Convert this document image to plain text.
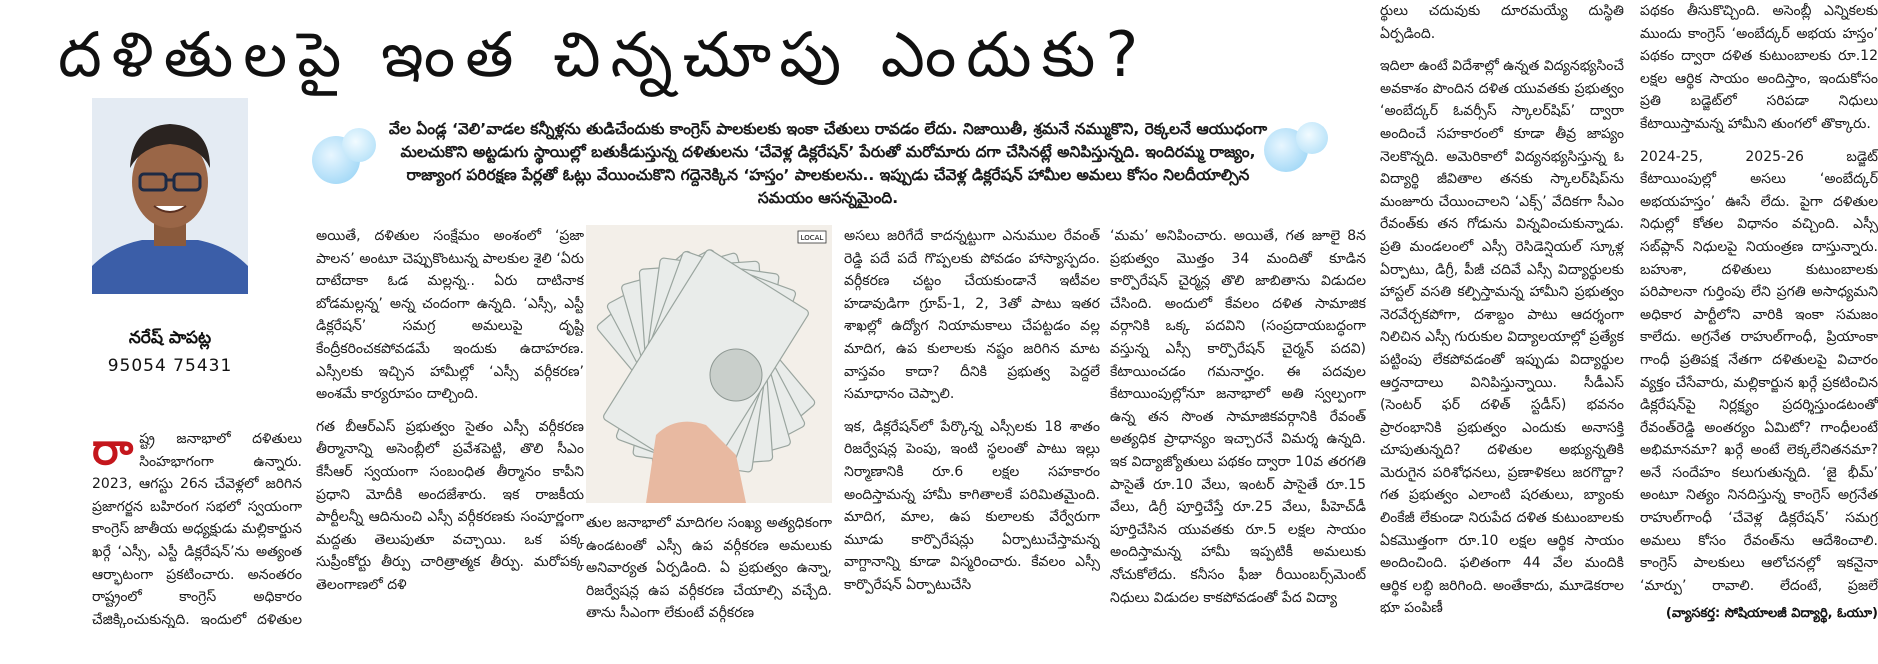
దళితులపై ఇంత చిన్నచూపు ఎందుకు?
నరేష్ పాపట్ల
95054 75431
వేల ఏండ్ల ‘వెలి’వాడల కన్నీళ్లను తుడిచేందుకు కాంగ్రెస్ పాలకులకు ఇంకా చేతులు రావడం లేదు. నిజాయితీ, శ్రమనే నమ్ముకొని, రెక్కలనే ఆయుధంగా మలచుకొని అట్టడుగు స్థాయిల్లో బతుకీడుస్తున్న దళితులను ‘చేవెళ్ల డిక్లరేషన్’ పేరుతో మరోమారు దగా చేసినట్లే అనిపిస్తున్నది. ఇందిరమ్మ రాజ్యం, రాజ్యాంగ పరిరక్షణ పేర్లతో ఓట్లు వేయించుకొని గద్దెనెక్కిన ‘హస్తం’ పాలకులను.. ఇప్పుడు చేవెళ్ల డిక్లరేషన్ హామీల అమలు కోసం నిలదీయాల్సిన సమయం ఆసన్నమైంది.

రాష్ట్ర జనాభాలో దళితులు సింహభాగంగా ఉన్నారు. 2023, ఆగస్టు 26న చేవెళ్లలో జరిగిన ప్రజాగర్జన బహిరంగ సభలో స్వయంగా కాంగ్రెస్ జాతీయ అధ్యక్షుడు మల్లికార్జున ఖర్గే ‘ఎస్సీ, ఎస్టీ డిక్లరేషన్’ను అత్యంత ఆర్భాటంగా ప్రకటించారు. అనంతరం రాష్ట్రంలో కాంగ్రెస్ అధికారం చేజిక్కించుకున్నది. ఇందులో దళితుల

అయితే, దళితుల సంక్షేమం అంశంలో ‘ప్రజా పాలన’ అంటూ చెప్పుకొంటున్న పాలకుల శైలి ‘ఏరు దాటేదాకా ఓడ మల్లన్న.. ఏరు దాటినాక బోడమల్లన్న’ అన్న చందంగా ఉన్నది. ‘ఎస్సీ, ఎస్టీ డిక్లరేషన్’ సమగ్ర అమలుపై దృష్టి కేంద్రీకరించకపోవడమే ఇందుకు ఉదాహరణ. ఎస్సీలకు ఇచ్చిన హామీల్లో ‘ఎస్సీ వర్గీకరణ’ అంశమే కార్యరూపం దాల్చింది.

గత బీఆర్ఎస్ ప్రభుత్వం సైతం ఎస్సీ వర్గీకరణ తీర్మానాన్ని అసెంబ్లీలో ప్రవేశపెట్టి, తొలి సీఎం కేసీఆర్ స్వయంగా సంబంధిత తీర్మానం కాపీని ప్రధాని మోదీకి అందజేశారు. ఇక రాజకీయ పార్టీలన్నీ ఆదినుంచి ఎస్సీ వర్గీకరణకు సంపూర్ణంగా మద్దతు తెలుపుతూ వచ్చాయి. ఒక పక్క సుప్రీంకోర్టు తీర్పు చారిత్రాత్మక తీర్పు. మరోపక్క తెలంగాణలో దళి

LOCAL

తుల జనాభాలో మాదిగల సంఖ్య అత్యధికంగా ఉండటంతో ఎస్సీ ఉప వర్గీకరణ అమలుకు అనివార్యత ఏర్పడింది. ఏ ప్రభుత్వం ఉన్నా, రిజర్వేషన్ల ఉప వర్గీకరణ చేయాల్సి వచ్చేది. తాను సీఎంగా లేకుంటే వర్గీకరణ

అసలు జరిగేదే కాదన్నట్టుగా ఎనుముల రేవంత్ రెడ్డి పదే పదే గొప్పలకు పోవడం హాస్యాస్పదం. వర్గీకరణ చట్టం చేయకుండానే ఇటీవల హడావుడిగా గ్రూప్-1, 2, 3తో పాటు ఇతర శాఖల్లో ఉద్యోగ నియామకాలు చేపట్టడం వల్ల మాదిగ, ఉప కులాలకు నష్టం జరిగిన మాట వాస్తవం కాదా? దీనికి ప్రభుత్వ పెద్దలే సమాధానం చెప్పాలి.

ఇక, డిక్లరేషన్‌లో పేర్కొన్న ఎస్సీలకు 18 శాతం రిజర్వేషన్ల పెంపు, ఇంటి స్థలంతో పాటు ఇల్లు నిర్మాణానికి రూ.6 లక్షల సహకారం అందిస్తామన్న హామీ కాగితాలకే పరిమితమైంది. మాదిగ, మాల, ఉప కులాలకు వేర్వేరుగా మూడు కార్పొరేషన్లు ఏర్పాటుచేస్తామన్న వాగ్దానాన్ని కూడా విస్మరించారు. కేవలం ఎస్సీ కార్పొరేషన్ ఏర్పాటుచేసి

‘మమ’ అనిపించారు. అయితే, గత జూలై 8న ప్రభుత్వం మొత్తం 34 మందితో కూడిన కార్పొరేషన్ చైర్మన్ల తొలి జాబితాను విడుదల చేసింది. అందులో కేవలం దళిత సామాజిక వర్గానికి ఒక్క పదవిని (సంప్రదాయబద్ధంగా వస్తున్న ఎస్సీ కార్పొరేషన్ చైర్మన్ పదవి) కేటాయించడం గమనార్హం. ఈ పదవుల కేటాయింపుల్లోనూ జనాభాలో అతి స్వల్పంగా ఉన్న తన సొంత సామాజికవర్గానికి రేవంత్ అత్యధిక ప్రాధాన్యం ఇచ్చారనే విమర్శ ఉన్నది. ఇక విద్యాజ్యోతులు పథకం ద్వారా 10వ తరగతి పాసైతే రూ.10 వేలు, ఇంటర్ పాసైతే రూ.15 వేలు, డిగ్రీ పూర్తిచేస్తే రూ.25 వేలు, పీహెచ్‌డీ పూర్తిచేసిన యువతకు రూ.5 లక్షల సాయం అందిస్తామన్న హామీ ఇప్పటికీ అమలుకు నోచుకోలేదు. కనీసం ఫీజు రీయింబర్స్‌మెంట్ నిధులు విడుదల కాకపోవడంతో పేద విద్యా

ర్థులు చదువుకు దూరమయ్యే దుస్థితి ఏర్పడింది.

ఇదిలా ఉంటే విదేశాల్లో ఉన్నత విద్యనభ్యసించే అవకాశం పొందిన దళిత యువతకు ప్రభుత్వం ‘అంబేద్కర్ ఓవర్సీస్ స్కాలర్‌షిప్’ ద్వారా అందించే సహకారంలో కూడా తీవ్ర జాప్యం నెలకొన్నది. అమెరికాలో విద్యనభ్యసిస్తున్న ఓ విద్యార్థి జీవితాల తనకు స్కాలర్‌షిప్‌ను మంజూరు చేయించాలని ‘ఎక్స్’ వేదికగా సీఎం రేవంత్‌కు తన గోడును విన్నవించుకున్నాడు. ప్రతి మండలంలో ఎస్సీ రెసిడెన్షియల్ స్కూళ్ల ఏర్పాటు, డిగ్రీ, పీజీ చదివే ఎస్సీ విద్యార్థులకు హాస్టల్ వసతి కల్పిస్తామన్న హామీని ప్రభుత్వం నెరవేర్చకపోగా, దశాబ్దం పాటు ఆదర్శంగా నిలిచిన ఎస్సీ గురుకుల విద్యాలయాల్లో ప్రత్యేక పట్టింపు లేకపోవడంతో ఇప్పుడు విద్యార్థుల ఆర్తనాదాలు వినిపిస్తున్నాయి. సీడీఎస్ (సెంటర్ ఫర్ దళిత్ స్టడీస్) భవనం ప్రారంభానికి ప్రభుత్వం ఎందుకు అనాసక్తి చూపుతున్నది? దళితుల అభ్యున్నతికి మెరుగైన పరిశోధనలు, ప్రణాళికలు జరగొద్దా? గత ప్రభుత్వం ఎలాంటి షరతులు, బ్యాంకు లింకేజీ లేకుండా నిరుపేద దళిత కుటుంబాలకు ఏకమొత్తంగా రూ.10 లక్షల ఆర్థిక సాయం అందించింది. ఫలితంగా 44 వేల మందికి ఆర్థిక లబ్ధి జరిగింది. అంతేకాదు, మూడెకరాల భూ పంపిణీ

పథకం తీసుకొచ్చింది. అసెంబ్లీ ఎన్నికలకు ముందు కాంగ్రెస్ ‘అంబేద్కర్ అభయ హస్తం’ పథకం ద్వారా దళిత కుటుంబాలకు రూ.12 లక్షల ఆర్థిక సాయం అందిస్తాం, ఇందుకోసం ప్రతి బడ్జెట్‌లో సరిపడా నిధులు కేటాయిస్తామన్న హామీని తుంగలో తొక్కారు.

2024-25, 2025-26 బడ్జెట్ కేటాయింపుల్లో అసలు ‘అంబేద్కర్ అభయహస్తం’ ఊసే లేదు. పైగా దళితుల నిధుల్లో కోతల విధానం వచ్చింది. ఎస్సీ సబ్‌ప్లాన్ నిధులపై నియంత్రణ దాస్తున్నారు. బహుశా, దళితులు కుటుంబాలకు పరిపాలనా గుర్తింపు లేని ప్రగతి అసాధ్యమని అధికార పార్టీలోని వారికి ఇంకా సమజం కాలేదు. అగ్రనేత రాహుల్‌గాంధీ, ప్రియాంకా గాంధీ ప్రతిపక్ష నేతగా దళితులపై విచారం వ్యక్తం చేసేవారు, మల్లికార్జున ఖర్గే ప్రకటించిన డిక్లరేషన్‌పై నిర్లక్ష్యం ప్రదర్శిస్తుండటంతో రేవంత్‌రెడ్డి అంతర్యం ఏమిటో? గాంధీలంటే అభిమానమా? ఖర్గే అంటే లెక్కలేనితనమా? అనే సందేహం కలుగుతున్నది. ‘జై భీమ్’ అంటూ నిత్యం నినదిస్తున్న కాంగ్రెస్ అగ్రనేత రాహుల్‌గాంధీ ‘చేవెళ్ల డిక్లరేషన్’ సమగ్ర అమలు కోసం రేవంత్‌ను ఆదేశించాలి. కాంగ్రెస్ పాలకులు ఆలోచనల్లో ఇకనైనా ‘మార్పు’ రావాలి. లేదంటే, ప్రజలే

(వ్యాసకర్త: సోషియాలజీ విద్యార్థి, ఓయూ)
